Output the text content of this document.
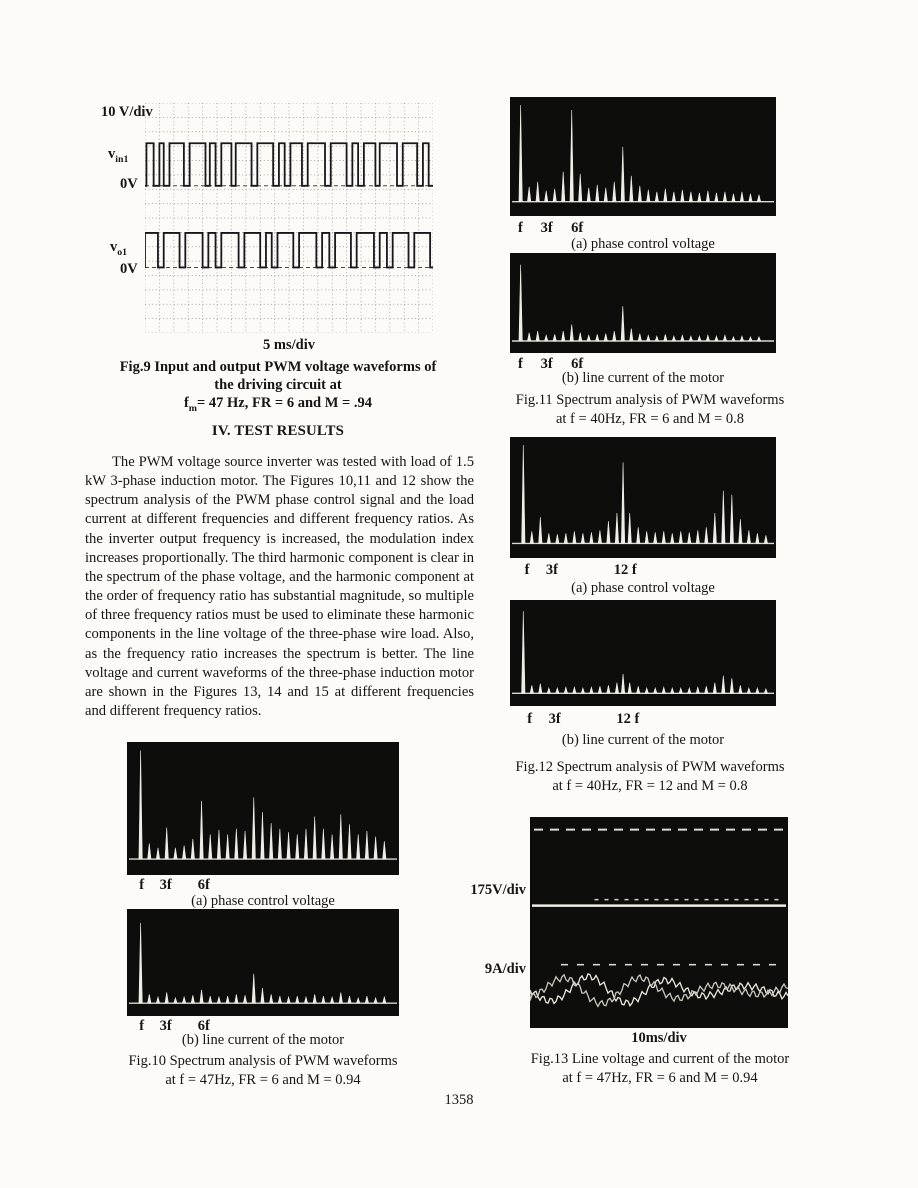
10 V/div
$v_{in1}$
0V
$v_{o1}$
0V
5 ms/div
Fig.9 Input and output PWM voltage waveforms of
the driving circuit at
$f_m= 47$ Hz, FR = 6 and M = .94
IV. TEST RESULTS
The PWM voltage source inverter was tested with load of 1.5 kW 3-phase induction motor. The Figures 10,11 and 12 show the spectrum analysis of the PWM phase control signal and the load current at different frequencies and different frequency ratios. As the inverter output frequency is increased, the modulation index increases proportionally. The third harmonic component is clear in the spectrum of the phase voltage, and the harmonic component at the order of frequency ratio has substantial magnitude, so multiple of three frequency ratios must be used to eliminate these harmonic components in the line voltage of the three-phase wire load. Also, as the frequency ratio increases the spectrum is better. The line voltage and current waveforms of the three-phase induction motor are shown in the Figures 13, 14 and 15 at different frequencies and different frequency ratios.
f 3f 6f
(a) phase control voltage
f 3f 6f
(b) line current of the motor
Fig.10 Spectrum analysis of PWM waveforms
at f = 47Hz, FR = 6 and M = 0.94
f 3f 6f
(a) phase control voltage
f 3f 6f
(b) line current of the motor
Fig.11 Spectrum analysis of PWM waveforms
at f = 40Hz, FR = 6 and M = 0.8
f 3f	12 f
(a) phase control voltage
f 3f	12 f
(b) line current of the motor
Fig.12 Spectrum analysis of PWM waveforms
at f = 40Hz, FR = 12 and M = 0.8
175V/div
9A/div
10ms/div
Fig.13 Line voltage and current of the motor
at f = 47Hz, FR = 6 and M = 0.94
1358
